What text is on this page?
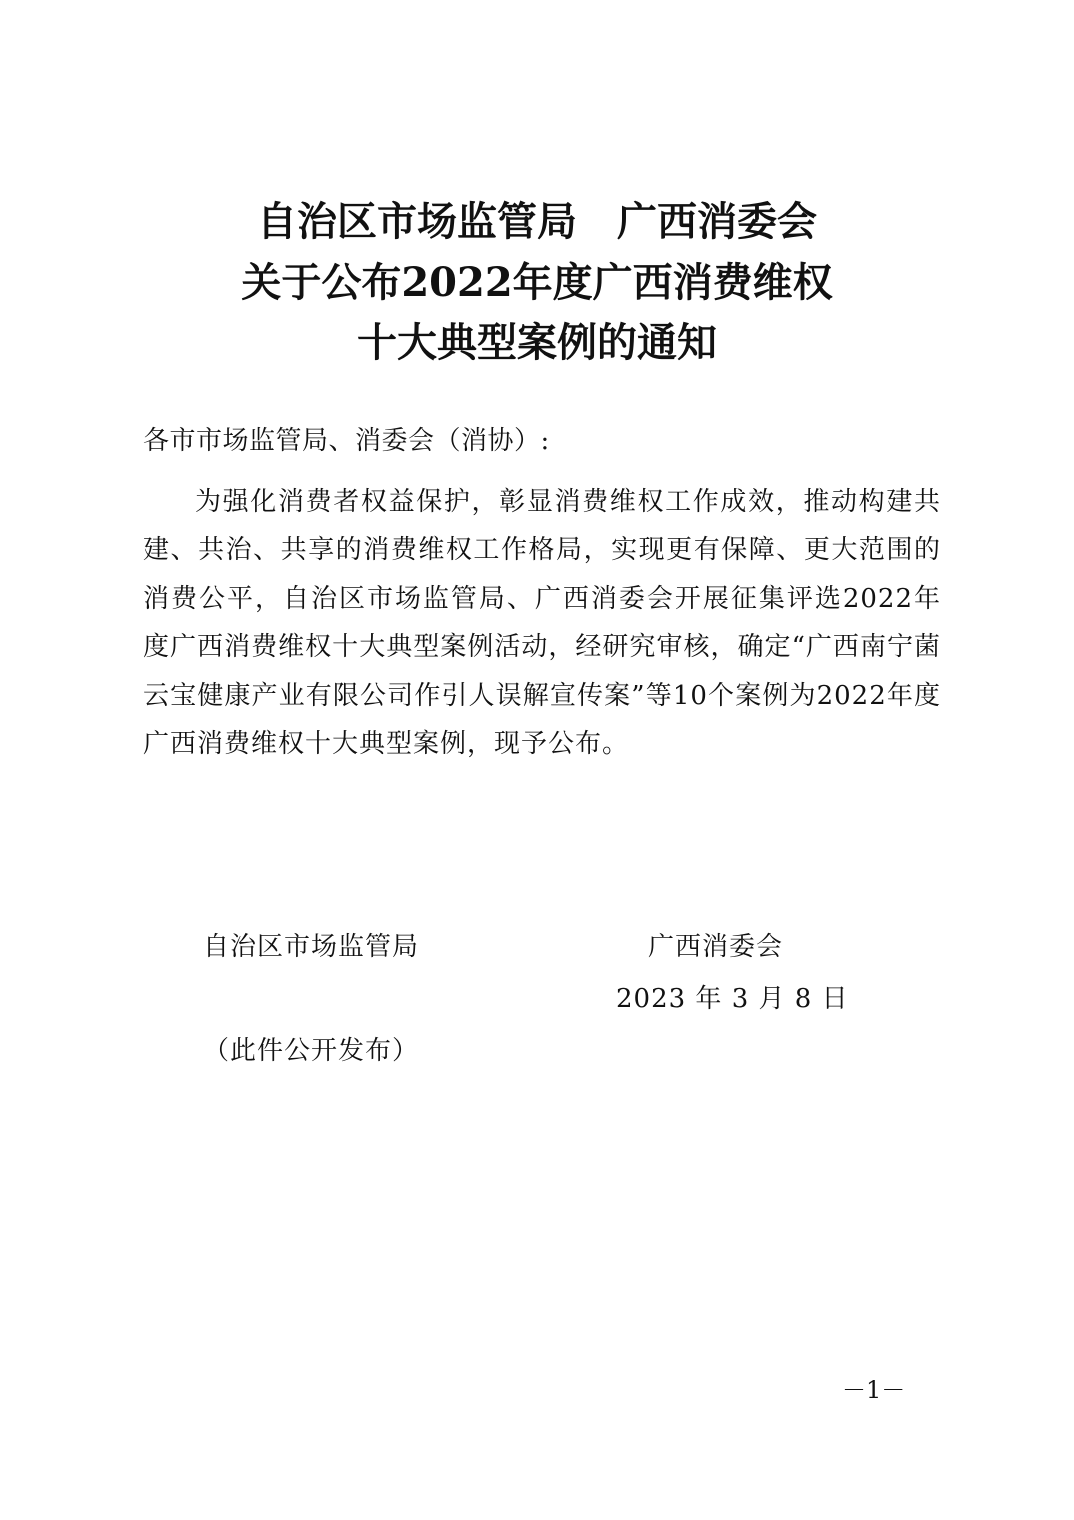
自治区市场监管局　广西消委会
关于公布2022年度广西消费维权
十大典型案例的通知
各市市场监管局、消委会（消协）:

为强化消费者权益保护，彰显消费维权工作成效，推动构建共建、共治、共享的消费维权工作格局，实现更有保障、更大范围的消费公平，自治区市场监管局、广西消委会开展征集评选2022年度广西消费维权十大典型案例活动，经研究审核，确定“广西南宁菌云宝健康产业有限公司作引人误解宣传案”等10个案例为2022年度广西消费维权十大典型案例，现予公布。

自治区市场监管局	广西消委会
2023 年 3 月 8 日
（此件公开发布）
－1－
